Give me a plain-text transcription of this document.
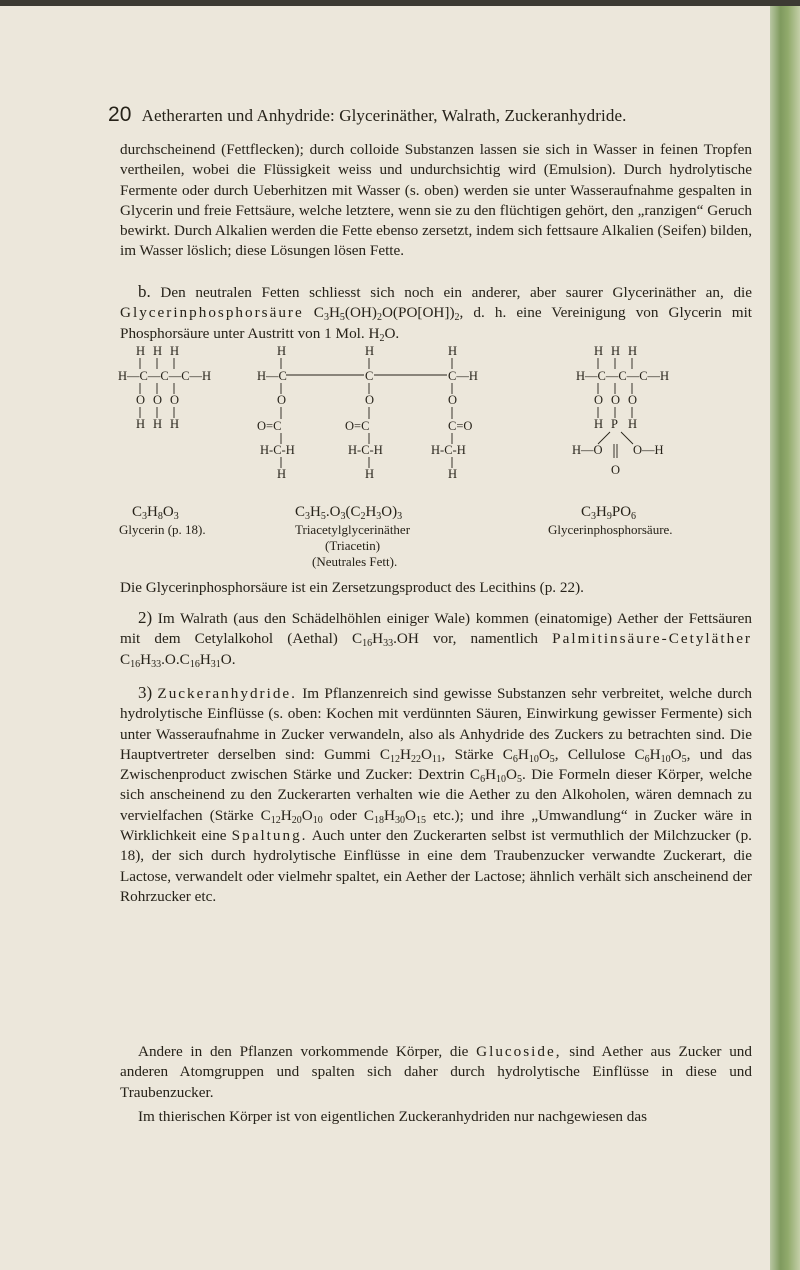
20 Aetherarten und Anhydride: Glycerinäther, Walrath, Zuckeranhydride.

durchscheinend (Fettflecken); durch colloide Substanzen lassen sie sich in Wasser in feinen Tropfen vertheilen, wobei die Flüssigkeit weiss und undurchsichtig wird (Emulsion). Durch hydrolytische Fermente oder durch Ueberhitzen mit Wasser (s. oben) werden sie unter Wasseraufnahme gespalten in Glycerin und freie Fettsäure, welche letztere, wenn sie zu den flüchtigen gehört, den „ranzigen“ Geruch bewirkt. Durch Alkalien werden die Fette ebenso zersetzt, indem sich fettsaure Alkalien (Seifen) bilden, im Wasser löslich; diese Lösungen lösen Fette.

b. Den neutralen Fetten schliesst sich noch ein anderer, aber saurer Glycerinäther an, die Glycerinphosphorsäure $C_3H_5(OH)_2O(PO[OH])_2$, d. h. eine Vereinigung von Glycerin mit Phosphorsäure unter Austritt von 1 Mol. $H_2O$.

H H H
H—C—C—C—H
O O O
H H H
H	H	H
H—C	C	C—H
O	O	O
O=C	O=C	C=O
H-C-H	H-C-H	H-C-H
H	H	H
H H H
H—C—C—C—H
O O O
H P H
H—O O—H
O
$C_3H_8O_3$
Glycerin (p. 18).
$C_3H_5.O_3(C_2H_3O)_3$
Triacetylglycerinäther
(Triacetin)
(Neutrales Fett).
$C_3H_9PO_6$
Glycerinphosphorsäure.

Die Glycerinphosphorsäure ist ein Zersetzungsproduct des Lecithins (p. 22).

2) Im Walrath (aus den Schädelhöhlen einiger Wale) kommen (einatomige) Aether der Fettsäuren mit dem Cetylalkohol (Aethal) $C_{16}H_{33}.OH$ vor, namentlich Palmitinsäure-Cetyläther $C_{16}H_{33}.O.C_{16}H_{31}O$.

3) Zuckeranhydride. Im Pflanzenreich sind gewisse Substanzen sehr verbreitet, welche durch hydrolytische Einflüsse (s. oben: Kochen mit verdünnten Säuren, Einwirkung gewisser Fermente) sich unter Wasseraufnahme in Zucker verwandeln, also als Anhydride des Zuckers zu betrachten sind. Die Hauptvertreter derselben sind: Gummi $C_{12}H_{22}O_{11}$, Stärke $C_6H_{10}O_5$, Cellulose $C_6H_{10}O_5$, und das Zwischenproduct zwischen Stärke und Zucker: Dextrin $C_6H_{10}O_5$. Die Formeln dieser Körper, welche sich anscheinend zu den Zuckerarten verhalten wie die Aether zu den Alkoholen, wären demnach zu vervielfachen (Stärke $C_{12}H_{20}O_{10}$ oder $C_{18}H_{30}O_{15}$ etc.); und ihre „Umwandlung“ in Zucker wäre in Wirklichkeit eine Spaltung. Auch unter den Zuckerarten selbst ist vermuthlich der Milchzucker (p. 18), der sich durch hydrolytische Einflüsse in eine dem Traubenzucker verwandte Zuckerart, die Lactose, verwandelt oder vielmehr spaltet, ein Aether der Lactose; ähnlich verhält sich anscheinend der Rohrzucker etc.

Andere in den Pflanzen vorkommende Körper, die Glucoside, sind Aether aus Zucker und anderen Atomgruppen und spalten sich daher durch hydrolytische Einflüsse in diese und Traubenzucker.

Im thierischen Körper ist von eigentlichen Zuckeranhydriden nur nachgewiesen das
